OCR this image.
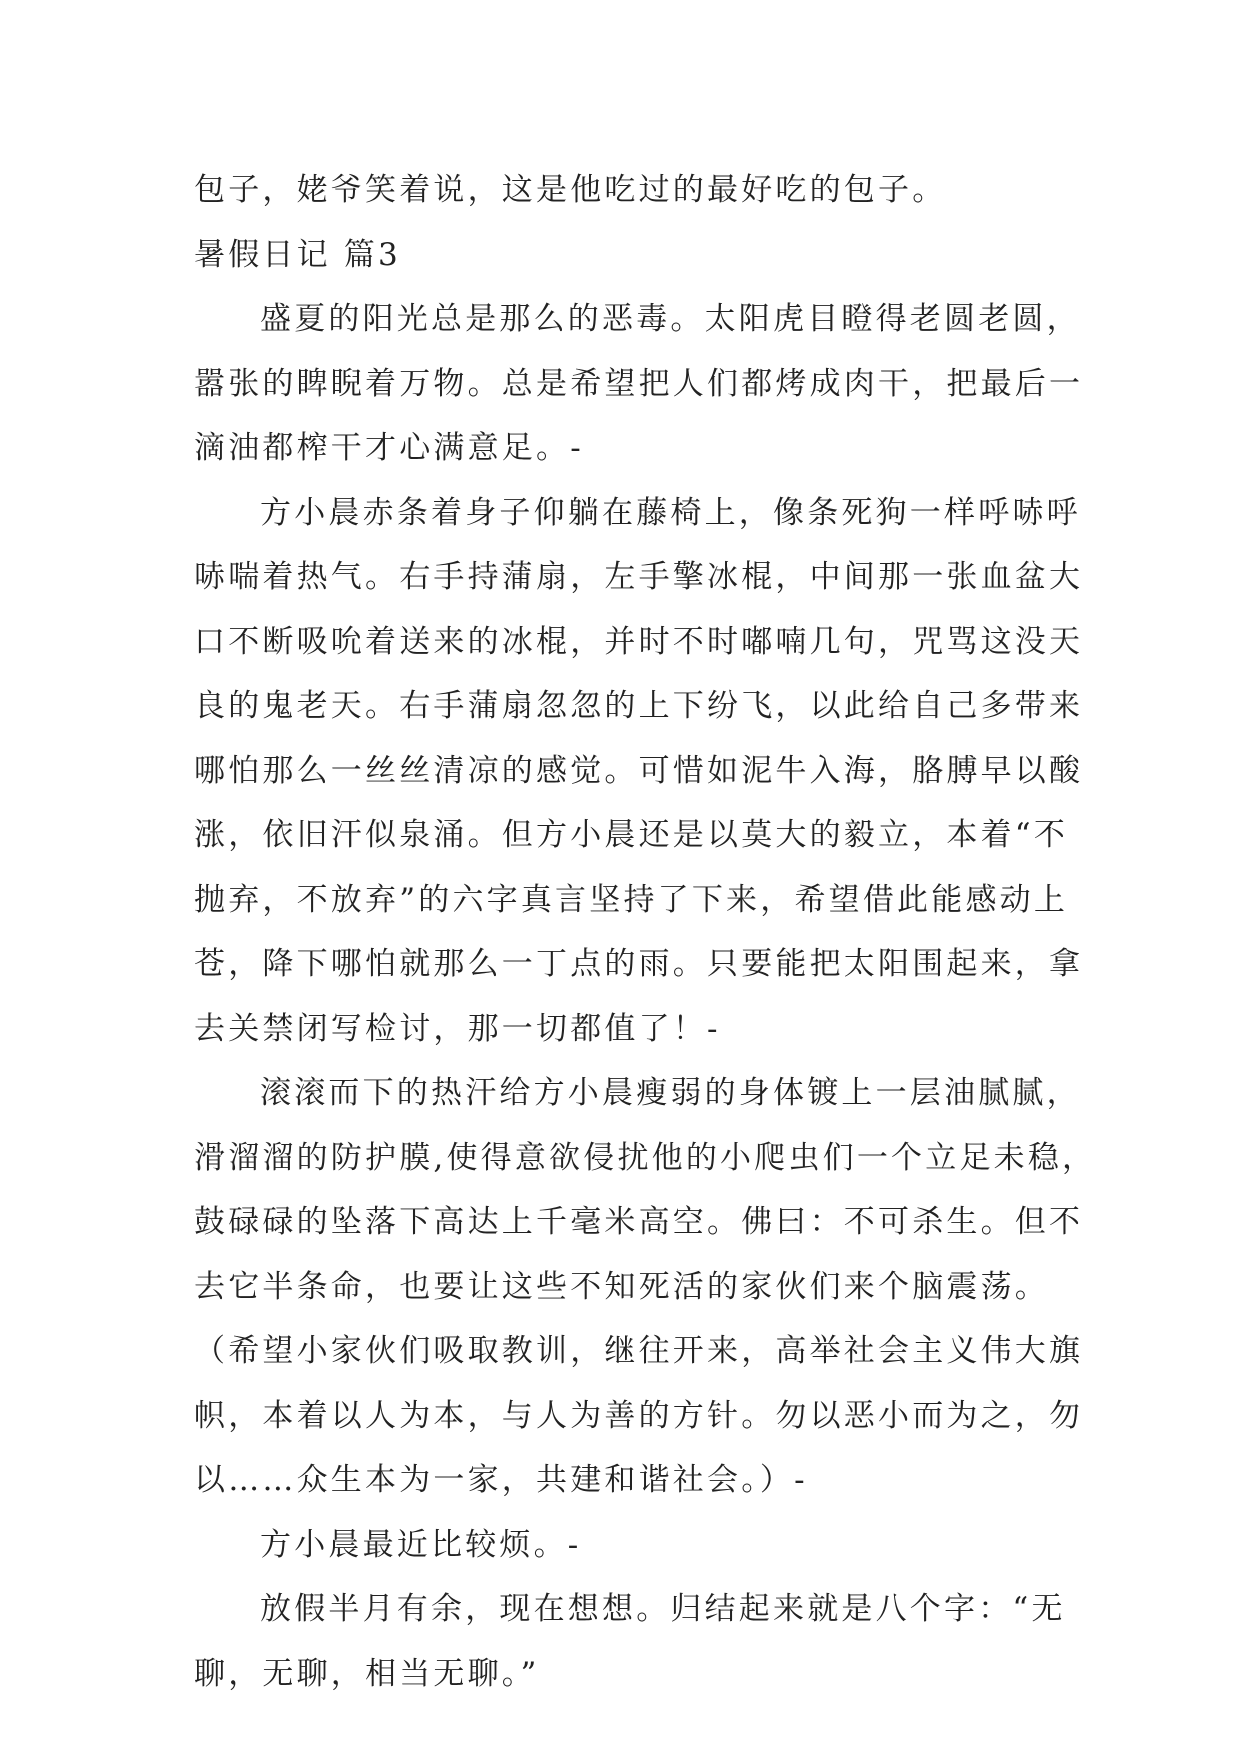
包子，姥爷笑着说，这是他吃过的最好吃的包子。
暑假日记 篇3
盛夏的阳光总是那么的恶毒。太阳虎目瞪得老圆老圆，
嚣张的睥睨着万物。总是希望把人们都烤成肉干，把最后一
滴油都榨干才心满意足。-
方小晨赤条着身子仰躺在藤椅上，像条死狗一样呼哧呼
哧喘着热气。右手持蒲扇，左手擎冰棍，中间那一张血盆大
口不断吸吮着送来的冰棍，并时不时嘟喃几句，咒骂这没天
良的鬼老天。右手蒲扇忽忽的上下纷飞，以此给自己多带来
哪怕那么一丝丝清凉的感觉。可惜如泥牛入海，胳膊早以酸
涨，依旧汗似泉涌。但方小晨还是以莫大的毅立，本着“不
抛弃，不放弃”的六字真言坚持了下来，希望借此能感动上
苍，降下哪怕就那么一丁点的雨。只要能把太阳围起来，拿
去关禁闭写检讨，那一切都值了！-
滚滚而下的热汗给方小晨瘦弱的身体镀上一层油腻腻，
滑溜溜的防护膜,使得意欲侵扰他的小爬虫们一个立足未稳，
鼓碌碌的坠落下高达上千毫米高空。佛曰：不可杀生。但不
去它半条命，也要让这些不知死活的家伙们来个脑震荡。
（希望小家伙们吸取教训，继往开来，高举社会主义伟大旗
帜，本着以人为本，与人为善的方针。勿以恶小而为之，勿
以……众生本为一家，共建和谐社会。）-
方小晨最近比较烦。-
放假半月有余，现在想想。归结起来就是八个字：“无
聊，无聊，相当无聊。”
